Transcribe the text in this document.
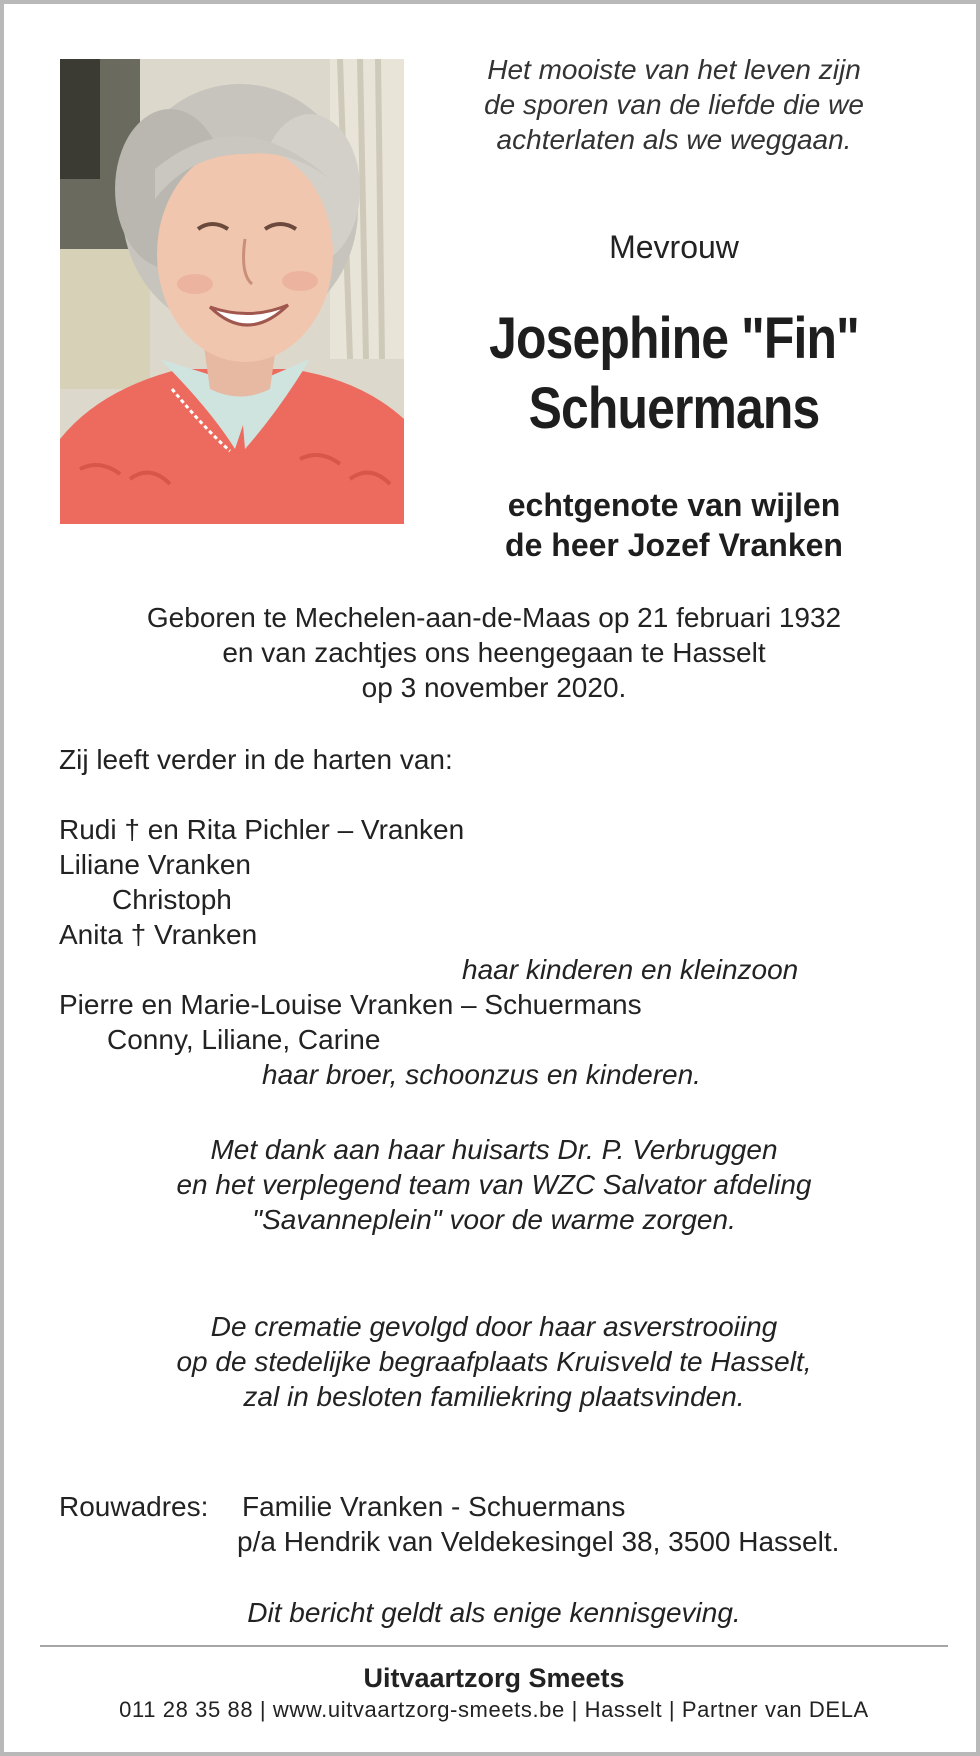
Het mooiste van het leven zijn
de sporen van de liefde die we
achterlaten als we weggaan.
Mevrouw
Josephine "Fin"
Schuermans
echtgenote van wijlen
de heer Jozef Vranken
Geboren te Mechelen-aan-de-Maas op 21 februari 1932
en van zachtjes ons heengegaan te Hasselt
op 3 november 2020.
Zij leeft verder in de harten van:
Rudi † en Rita Pichler – Vranken
Liliane Vranken
Christoph
Anita † Vranken
haar kinderen en kleinzoon
Pierre en Marie-Louise Vranken – Schuermans
Conny, Liliane, Carine
haar broer, schoonzus en kinderen.
Met dank aan haar huisarts Dr. P. Verbruggen
en het verplegend team van WZC Salvator afdeling
"Savanneplein" voor de warme zorgen.
De crematie gevolgd door haar asverstrooiing
op de stedelijke begraafplaats Kruisveld te Hasselt,
zal in besloten familiekring plaatsvinden.
Rouwadres: Familie Vranken - Schuermans
p/a Hendrik van Veldekesingel 38, 3500 Hasselt.
Dit bericht geldt als enige kennisgeving.
Uitvaartzorg Smeets
011 28 35 88 | www.uitvaartzorg-smeets.be | Hasselt | Partner van DELA
